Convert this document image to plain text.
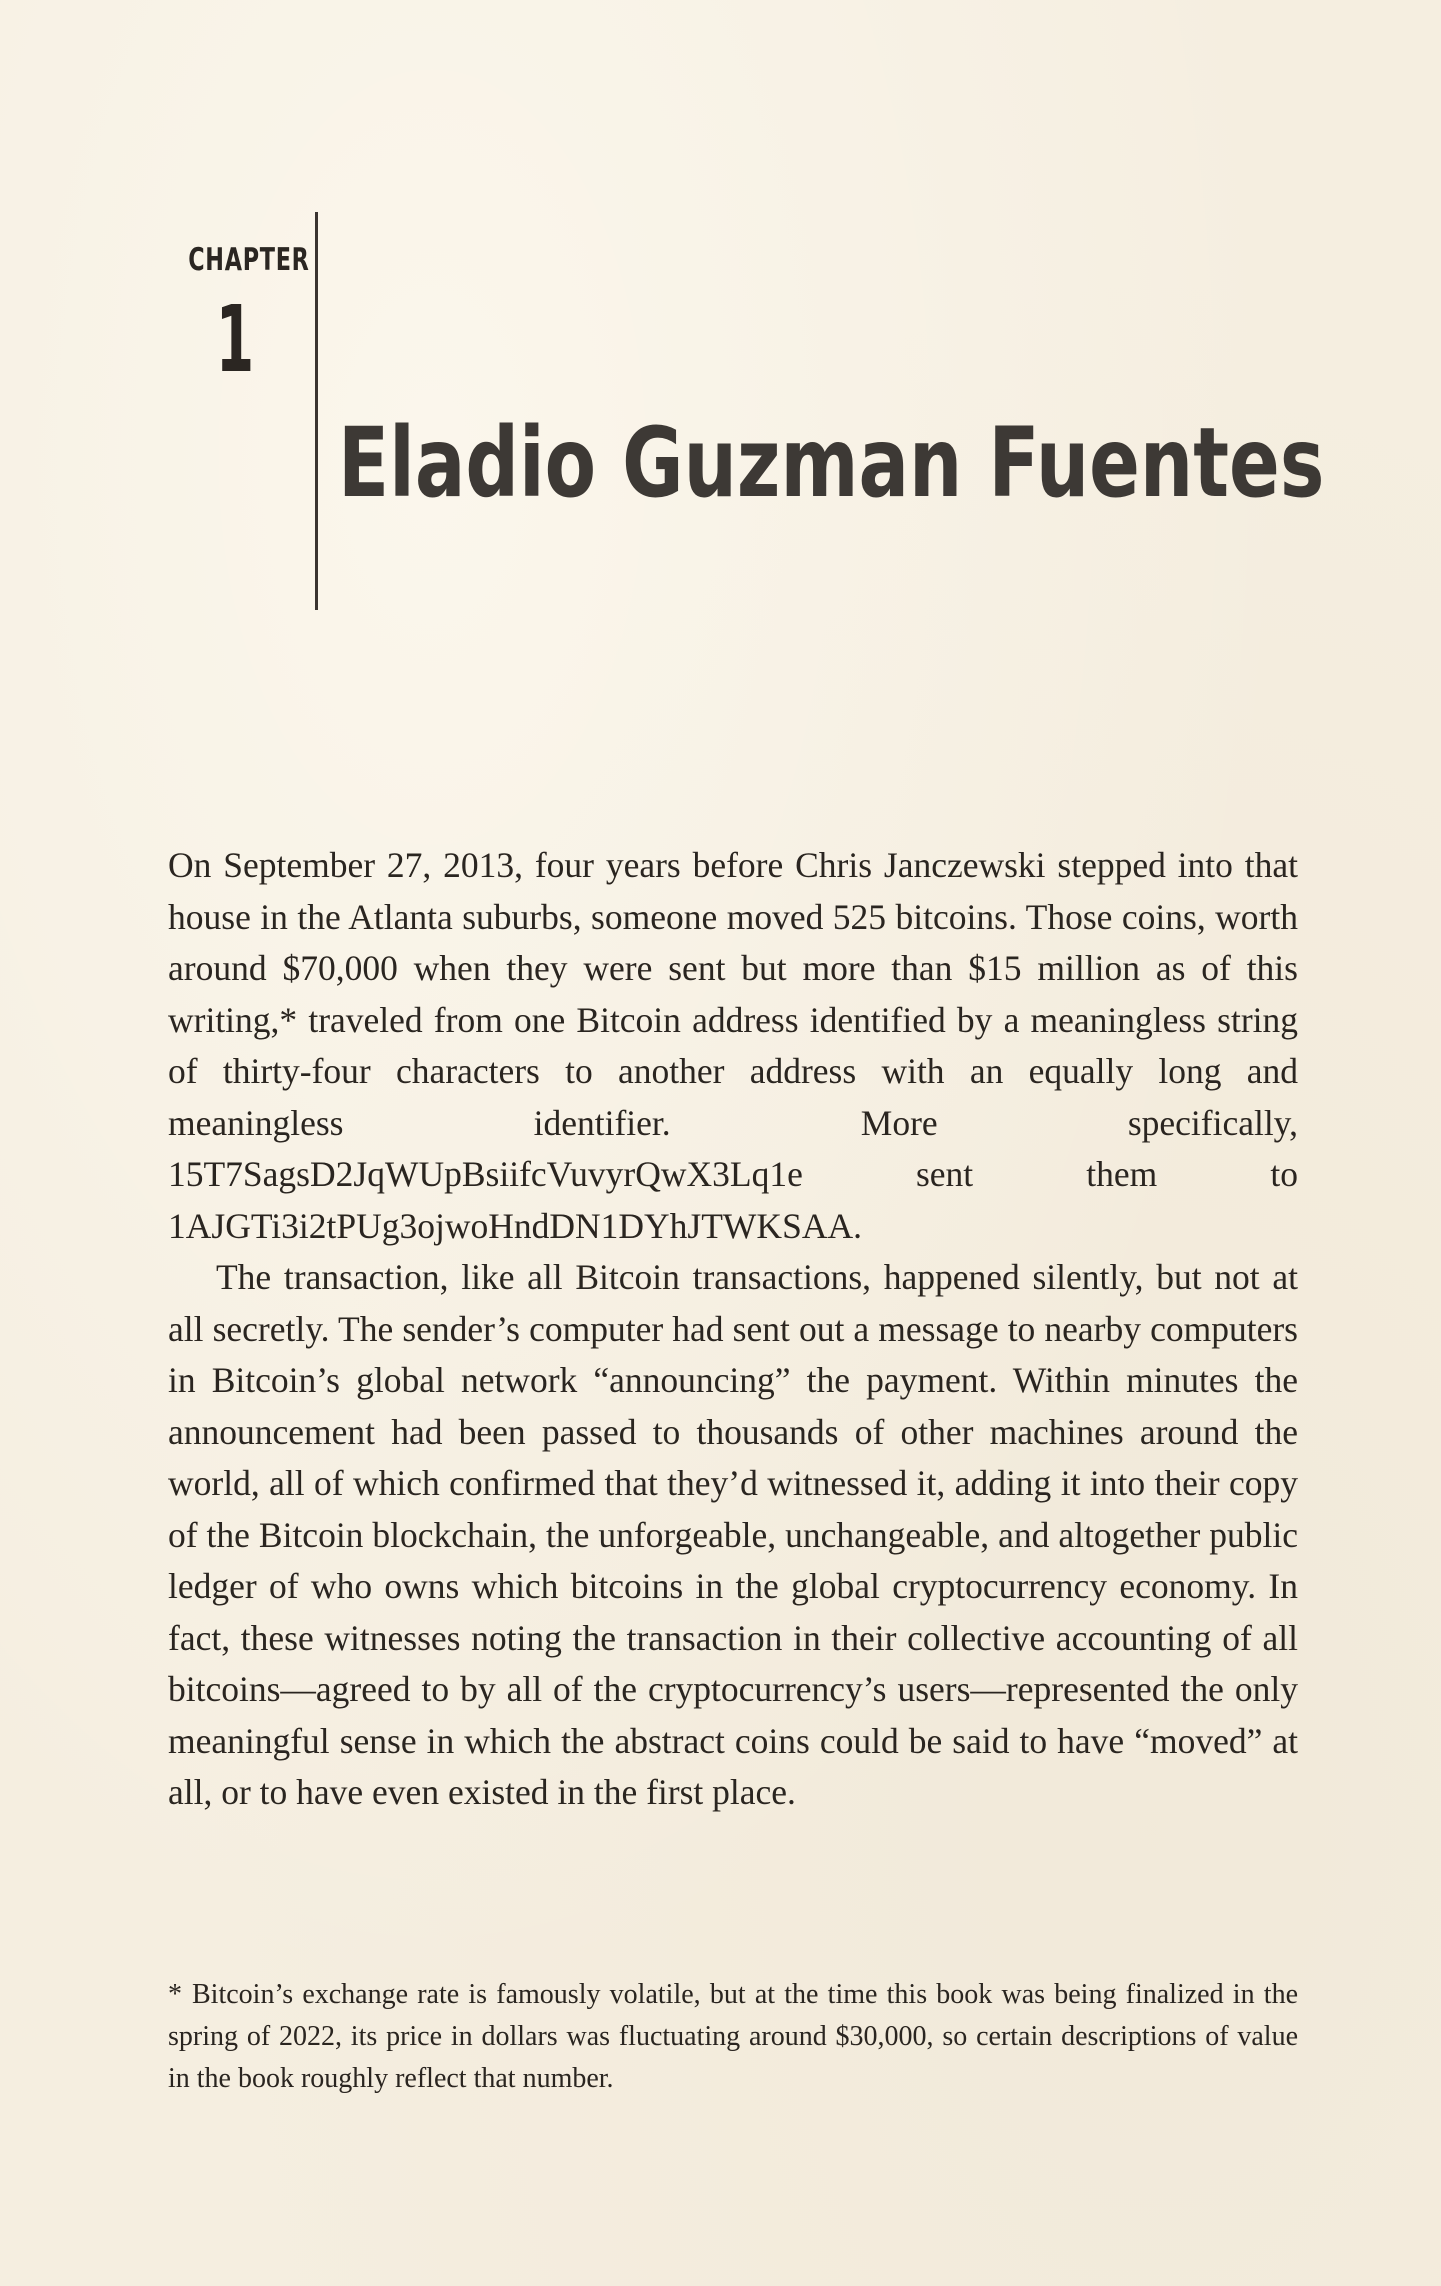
CHAPTER
1
Eladio Guzman Fuentes

On September 27, 2013, four years before Chris Janczewski stepped into that house in the Atlanta suburbs, someone moved 525 bitcoins. Those coins, worth around $70,000 when they were sent but more than $15 million as of this writing,* traveled from one Bitcoin address identified by a meaningless string of thirty-four characters to another address with an equally long and meaningless identifier. More specifically, 15T7SagsD2JqWUpBsiifcVuvyrQwX3Lq1e sent them to 1AJGTi3i2tPUg3ojwoHndDN1DYhJTWKSAA.

The transaction, like all Bitcoin transactions, happened silently, but not at all secretly. The sender’s computer had sent out a message to nearby computers in Bitcoin’s global network “announcing” the payment. Within minutes the announcement had been passed to thousands of other machines around the world, all of which confirmed that they’d witnessed it, adding it into their copy of the Bitcoin blockchain, the unforgeable, unchangeable, and altogether public ledger of who owns which bitcoins in the global cryptocurrency economy. In fact, these witnesses noting the transaction in their collective accounting of all bitcoins—agreed to by all of the cryptocurrency’s users—represented the only meaningful sense in which the abstract coins could be said to have “moved” at all, or to have even existed in the first place.

* Bitcoin’s exchange rate is famously volatile, but at the time this book was being finalized in the spring of 2022, its price in dollars was fluctuating around $30,000, so certain descriptions of value in the book roughly reflect that number.
